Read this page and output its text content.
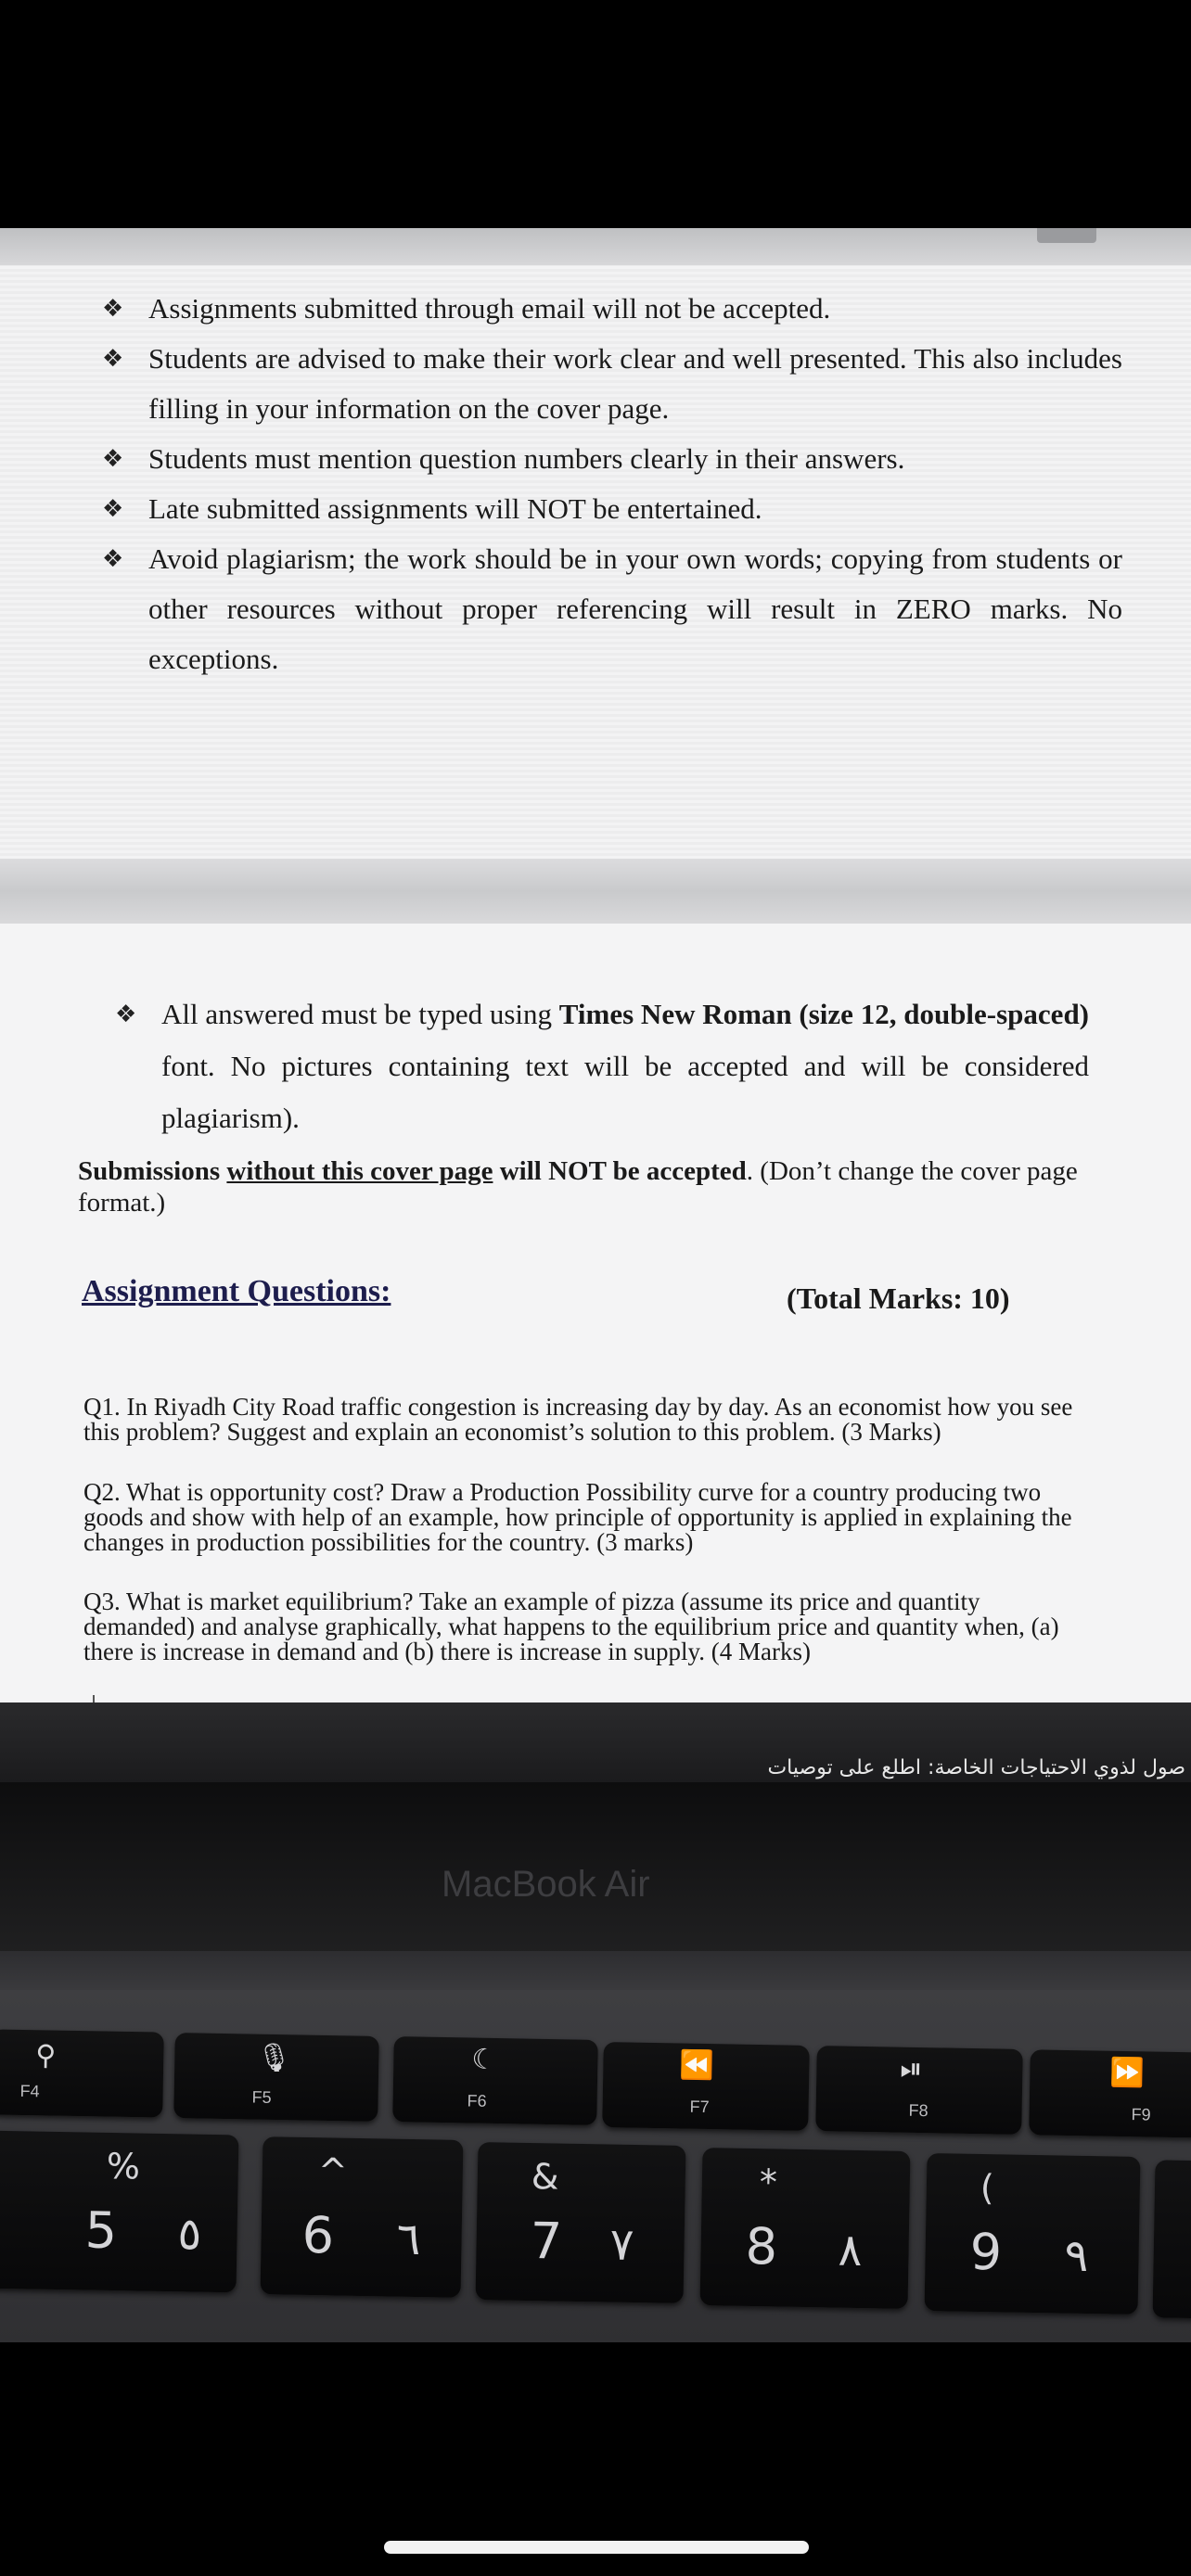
❖ Assignments submitted through email will not be accepted.
❖ Students are advised to make their work clear and well presented. This also includes filling in your information on the cover page.
❖ Students must mention question numbers clearly in their answers.
❖ Late submitted assignments will NOT be entertained.
❖ Avoid plagiarism; the work should be in your own words; copying from students or other resources without proper referencing will result in ZERO marks. No exceptions.
❖ All answered must be typed using Times New Roman (size 12, double-spaced) font. No pictures containing text will be accepted and will be considered plagiarism).
Submissions without this cover page will NOT be accepted. (Don’t change the cover page format.)
Assignment Questions:	(Total Marks: 10)
Q1. In Riyadh City Road traffic congestion is increasing day by day. As an economist how you see this problem? Suggest and explain an economist’s solution to this problem. (3 Marks)
Q2. What is opportunity cost? Draw a Production Possibility curve for a country producing two goods and show with help of an example, how principle of opportunity is applied in explaining the changes in production possibilities for the country. (3 marks)
Q3. What is market equilibrium? Take an example of pizza (assume its price and quantity demanded) and analyse graphically, what happens to the equilibrium price and quantity when, (a) there is increase in demand and (b) there is increase in supply. (4 Marks)
صول لذوي الاحتياجات الخاصة: اطلع على توصيات
MacBook Air
⚲
F4
🎙
F5
☾
F6
⏪
F7
⏯
F8
⏩
F9
%
5 ٥
^
6 ٦
&
7 ٧
*
8 ٨
(
9 ٩
